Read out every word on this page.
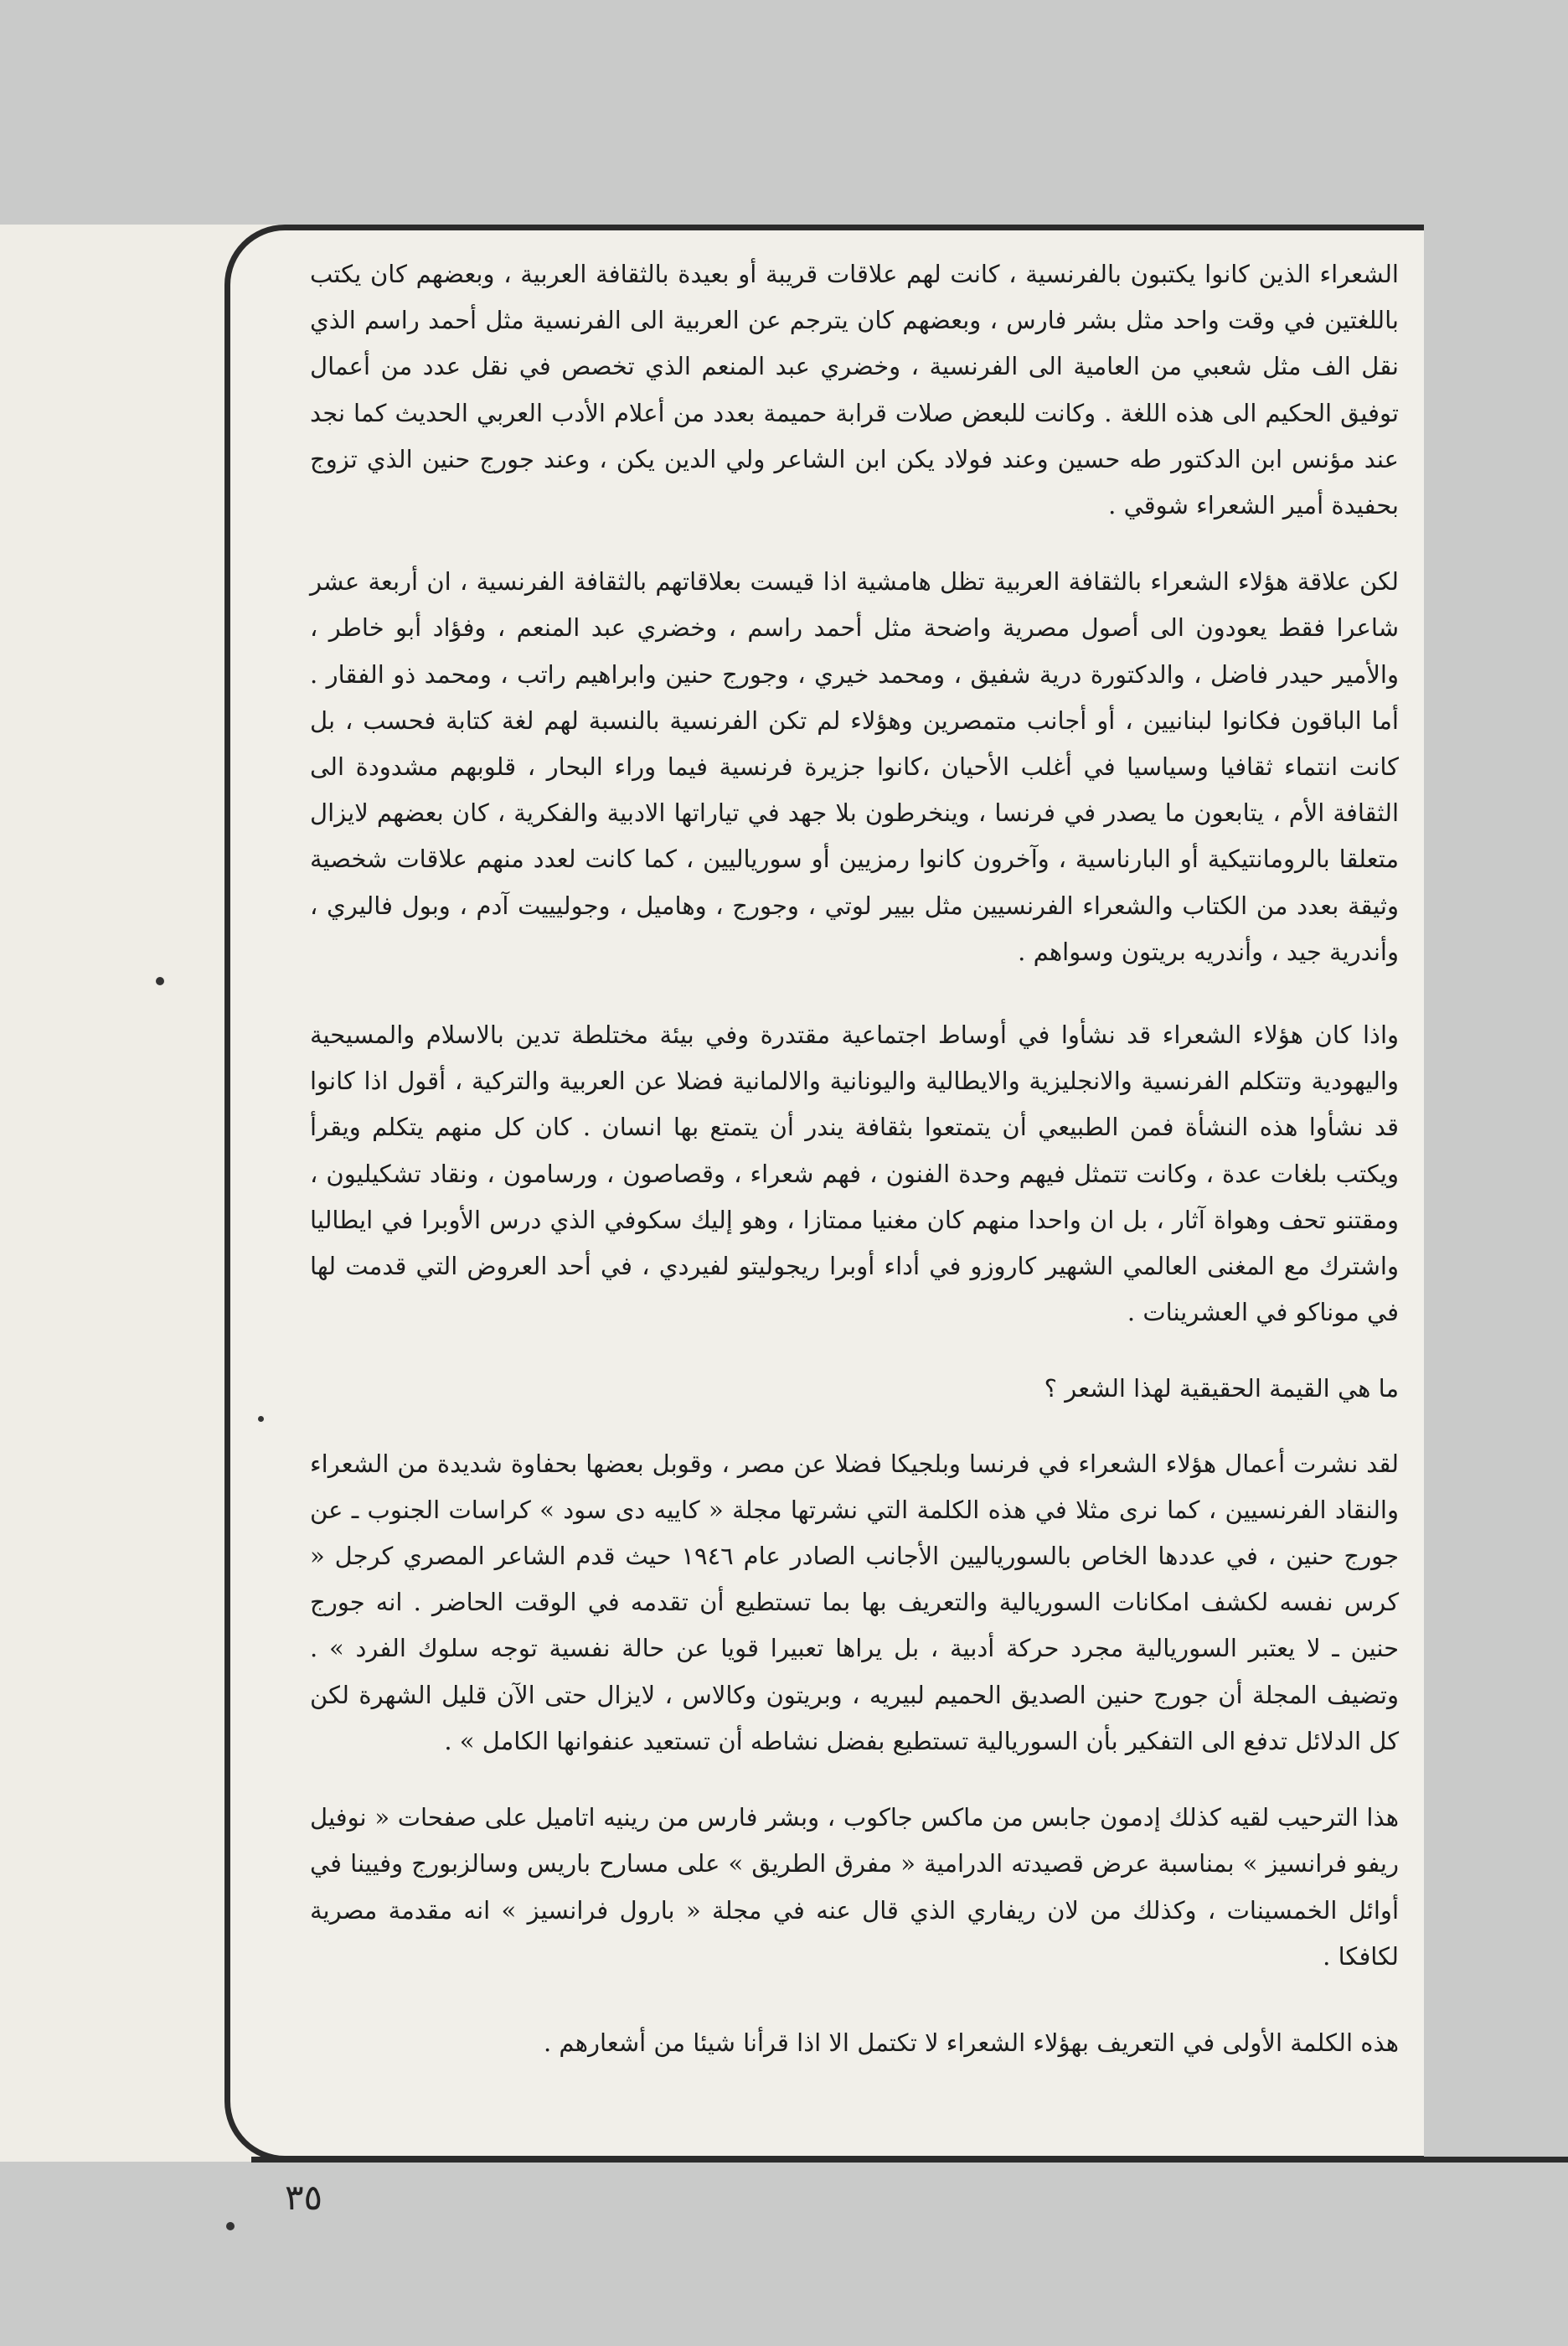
الشعراء الذين كانوا يكتبون بالفرنسية ، كانت لهم علاقات قريبة أو بعيدة بالثقافة العربية ، وبعضهم كان يكتب باللغتين في وقت واحد مثل بشر فارس ، وبعضهم كان يترجم عن العربية الى الفرنسية مثل أحمد راسم الذي نقل الف مثل شعبي من العامية الى الفرنسية ، وخضري عبد المنعم الذي تخصص في نقل عدد من أعمال توفيق الحكيم الى هذه اللغة . وكانت للبعض صلات قرابة حميمة بعدد من أعلام الأدب العربي الحديث كما نجد عند مؤنس ابن الدكتور طه حسين وعند فولاد يكن ابن الشاعر ولي الدين يكن ، وعند جورج حنين الذي تزوج بحفيدة أمير الشعراء شوقي .

لكن علاقة هؤلاء الشعراء بالثقافة العربية تظل هامشية اذا قيست بعلاقاتهم بالثقافة الفرنسية ، ان أربعة عشر شاعرا فقط يعودون الى أصول مصرية واضحة مثل أحمد راسم ، وخضري عبد المنعم ، وفؤاد أبو خاطر ، والأمير حيدر فاضل ، والدكتورة درية شفيق ، ومحمد خيري ، وجورج حنين وابراهيم راتب ، ومحمد ذو الفقار . أما الباقون فكانوا لبنانيين ، أو أجانب متمصرين وهؤلاء لم تكن الفرنسية بالنسبة لهم لغة كتابة فحسب ، بل كانت انتماء ثقافيا وسياسيا في أغلب الأحيان ،كانوا جزيرة فرنسية فيما وراء البحار ، قلوبهم مشدودة الى الثقافة الأم ، يتابعون ما يصدر في فرنسا ، وينخرطون بلا جهد في تياراتها الادبية والفكرية ، كان بعضهم لايزال متعلقا بالرومانتيكية أو البارناسية ، وآخرون كانوا رمزيين أو سورياليين ، كما كانت لعدد منهم علاقات شخصية وثيقة بعدد من الكتاب والشعراء الفرنسيين مثل بيير لوتي ، وجورج ، وهاميل ، وجوليييت آدم ، وبول فاليري ، وأندرية جيد ، وأندريه بريتون وسواهم .

واذا كان هؤلاء الشعراء قد نشأوا في أوساط اجتماعية مقتدرة وفي بيئة مختلطة تدين بالاسلام والمسيحية واليهودية وتتكلم الفرنسية والانجليزية والايطالية واليونانية والالمانية فضلا عن العربية والتركية ، أقول اذا كانوا قد نشأوا هذه النشأة فمن الطبيعي أن يتمتعوا بثقافة يندر أن يتمتع بها انسان . كان كل منهم يتكلم ويقرأ ويكتب بلغات عدة ، وكانت تتمثل فيهم وحدة الفنون ، فهم شعراء ، وقصاصون ، ورسامون ، ونقاد تشكيليون ، ومقتنو تحف وهواة آثار ، بل ان واحدا منهم كان مغنيا ممتازا ، وهو إليك سكوفي الذي درس الأوبرا في ايطاليا واشترك مع المغنى العالمي الشهير كاروزو في أداء أوبرا ريجوليتو لفيردي ، في أحد العروض التي قدمت لها في موناكو في العشرينات .

ما هي القيمة الحقيقية لهذا الشعر ؟

لقد نشرت أعمال هؤلاء الشعراء في فرنسا وبلجيكا فضلا عن مصر ، وقوبل بعضها بحفاوة شديدة من الشعراء والنقاد الفرنسيين ، كما نرى مثلا في هذه الكلمة التي نشرتها مجلة « كاييه دى سود » كراسات الجنوب ـ عن جورج حنين ، في عددها الخاص بالسورياليين الأجانب الصادر عام ١٩٤٦ حيث قدم الشاعر المصري كرجل « كرس نفسه لكشف امكانات السوريالية والتعريف بها بما تستطيع أن تقدمه في الوقت الحاضر . انه جورج حنين ـ لا يعتبر السوريالية مجرد حركة أدبية ، بل يراها تعبيرا قويا عن حالة نفسية توجه سلوك الفرد » . وتضيف المجلة أن جورج حنين الصديق الحميم لبيريه ، وبريتون وكالاس ، لايزال حتى الآن قليل الشهرة لكن كل الدلائل تدفع الى التفكير بأن السوريالية تستطيع بفضل نشاطه أن تستعيد عنفوانها الكامل » .

هذا الترحيب لقيه كذلك إدمون جابس من ماكس جاكوب ، وبشر فارس من رينيه اتاميل على صفحات « نوفيل ريفو فرانسيز » بمناسبة عرض قصيدته الدرامية « مفرق الطريق » على مسارح باريس وسالزبورج وفيينا في أوائل الخمسينات ، وكذلك من لان ريفاري الذي قال عنه في مجلة « بارول فرانسيز » انه مقدمة مصرية لكافكا .

هذه الكلمة الأولى في التعريف بهؤلاء الشعراء لا تكتمل الا اذا قرأنا شيئا من أشعارهم .

٣٥
